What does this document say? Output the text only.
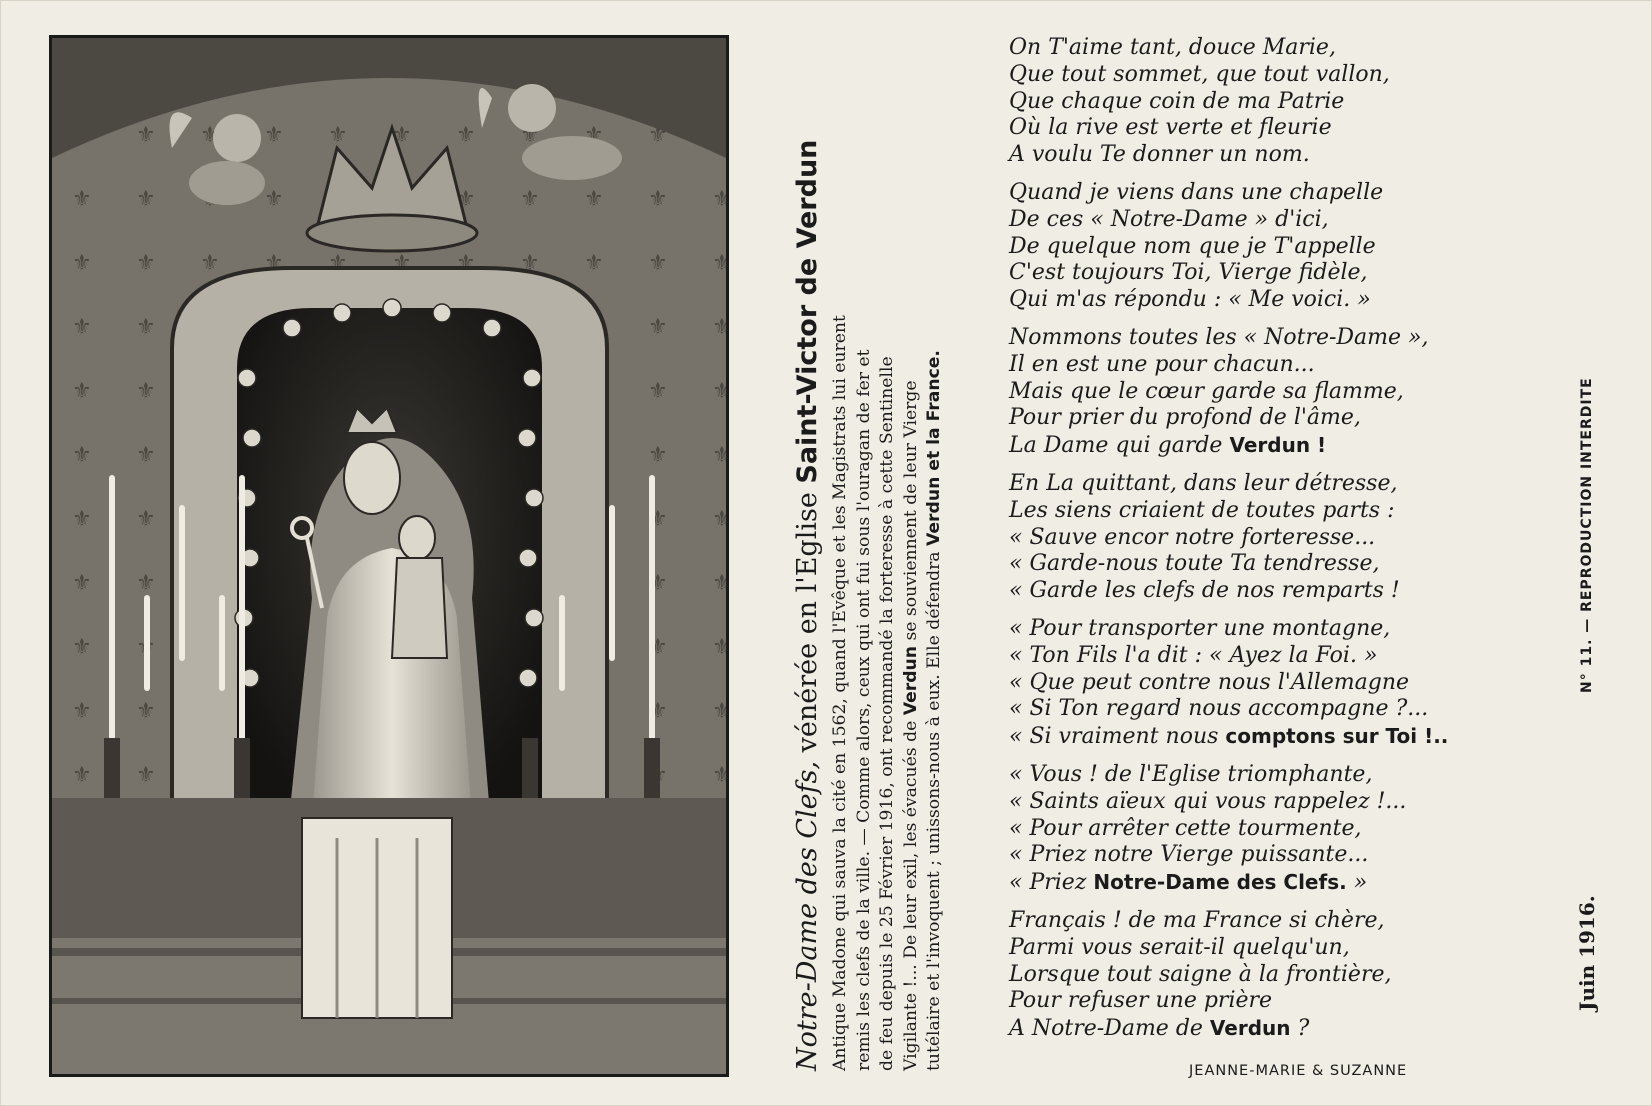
Notre-Dame des Clefs, vénérée en l'Eglise Saint-Victor de Verdun

Antique Madone qui sauva la cité en 1562, quand l'Evêque et les Magistrats lui eurent remis les clefs de la ville. — Comme alors, ceux qui ont fui sous l'ouragan de fer et de feu depuis le 25 Février 1916, ont recommandé la forteresse à cette Sentinelle Vigilante !... De leur exil, les évacués de Verdun se souviennent de leur Vierge

tutélaire et l'invoquent ; unissons-nous à eux. Elle défendra Verdun et la France.

On T'aime tant, douce Marie,
Que tout sommet, que tout vallon,
Que chaque coin de ma Patrie
Où la rive est verte et fleurie
A voulu Te donner un nom.
Quand je viens dans une chapelle
De ces « Notre-Dame » d'ici,
De quelque nom que je T'appelle
C'est toujours Toi, Vierge fidèle,
Qui m'as répondu : « Me voici. »
Nommons toutes les « Notre-Dame »,
Il en est une pour chacun...
Mais que le cœur garde sa flamme,
Pour prier du profond de l'âme,
La Dame qui garde Verdun !
En La quittant, dans leur détresse,
Les siens criaient de toutes parts :
« Sauve encor notre forteresse...
« Garde-nous toute Ta tendresse,
« Garde les clefs de nos remparts !
« Pour transporter une montagne,
« Ton Fils l'a dit : « Ayez la Foi. »
« Que peut contre nous l'Allemagne
« Si Ton regard nous accompagne ?...
« Si vraiment nous comptons sur Toi !..
« Vous ! de l'Eglise triomphante,
« Saints aïeux qui vous rappelez !...
« Pour arrêter cette tourmente,
« Priez notre Vierge puissante...
« Priez Notre-Dame des Clefs. »
Français ! de ma France si chère,
Parmi vous serait-il quelqu'un,
Lorsque tout saigne à la frontière,
Pour refuser une prière
A Notre-Dame de Verdun ?
JEANNE-MARIE & SUZANNE
N° 11. — REPRODUCTION INTERDITE
Juin 1916.
